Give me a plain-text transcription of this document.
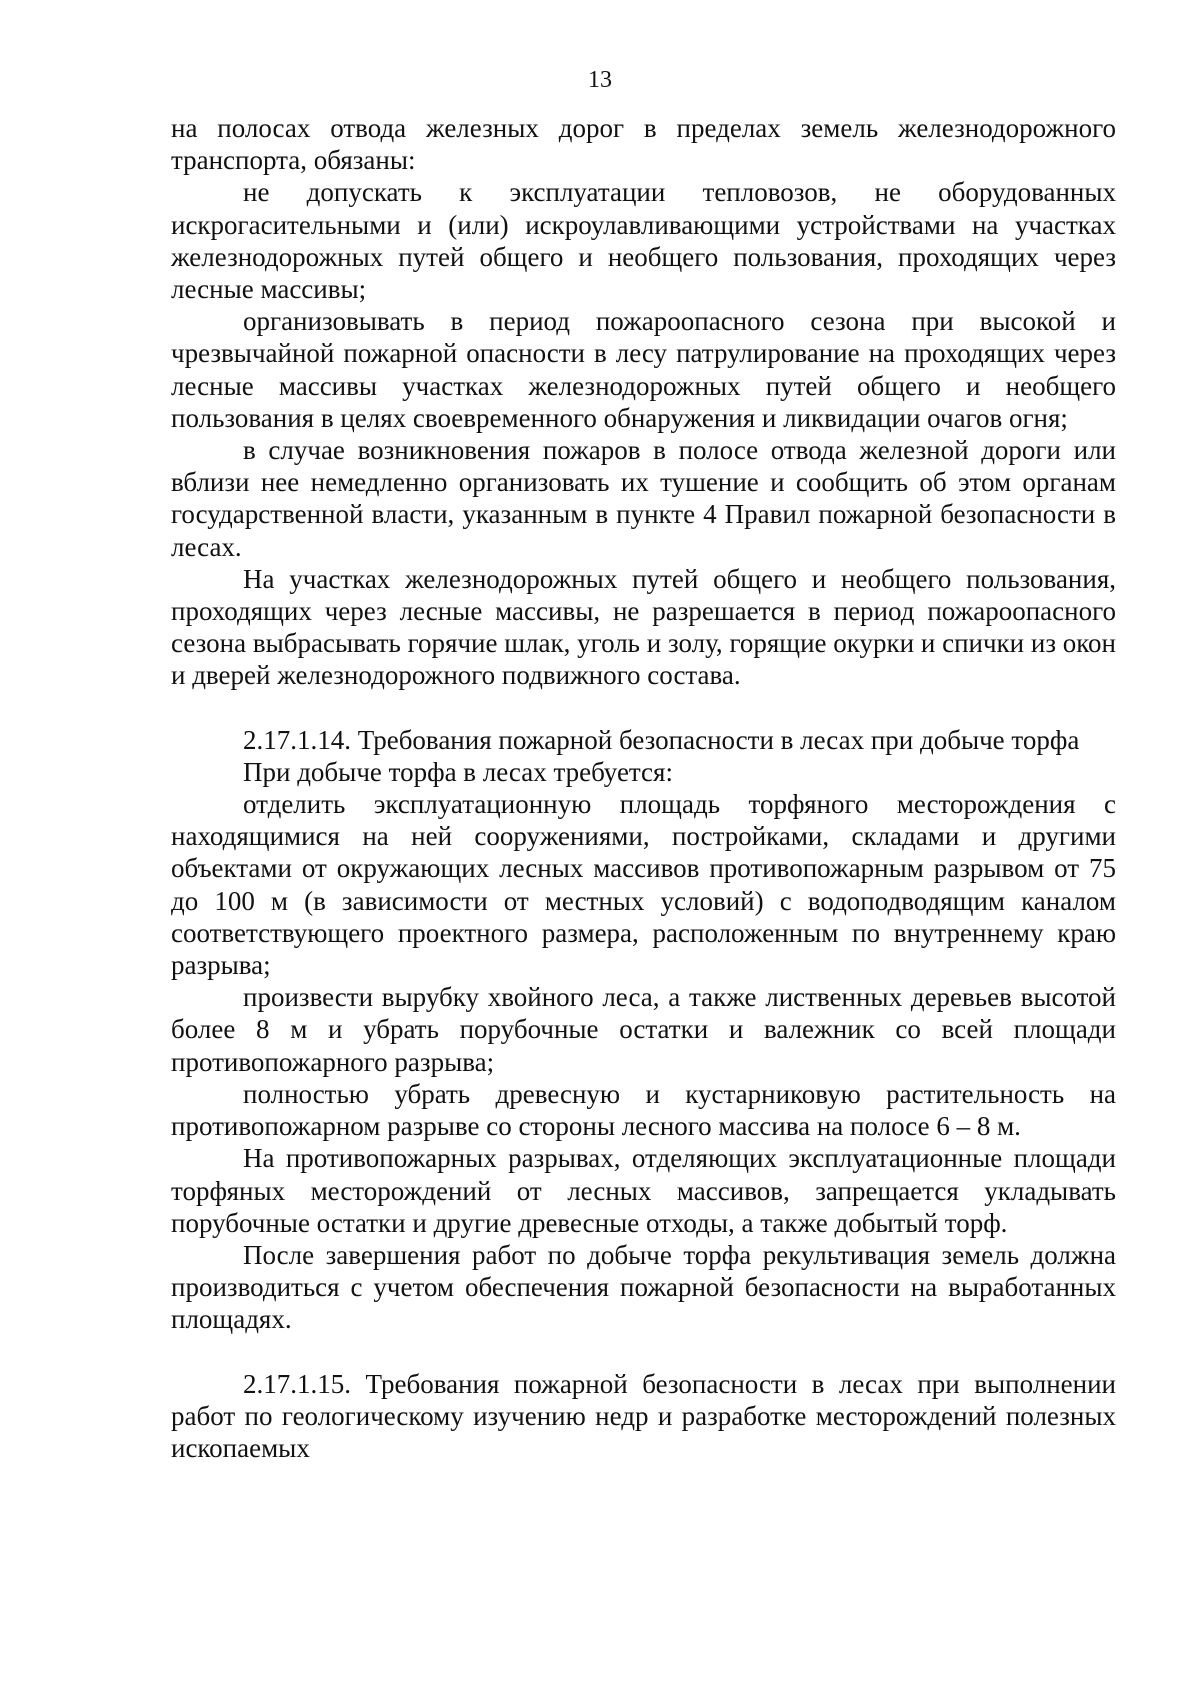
13

на полосах отвода железных дорог в пределах земель железнодорожного транспорта, обязаны:

не допускать к эксплуатации тепловозов, не оборудованных искрогасительными и (или) искроулавливающими устройствами на участках железнодорожных путей общего и необщего пользования, проходящих через лесные массивы;

организовывать в период пожароопасного сезона при высокой и чрезвычайной пожарной опасности в лесу патрулирование на проходящих через лесные массивы участках железнодорожных путей общего и необщего пользования в целях своевременного обнаружения и ликвидации очагов огня;

в случае возникновения пожаров в полосе отвода железной дороги или вблизи нее немедленно организовать их тушение и сообщить об этом органам государственной власти, указанным в пункте 4 Правил пожарной безопасности в лесах.

На участках железнодорожных путей общего и необщего пользования, проходящих через лесные массивы, не разрешается в период пожароопасного сезона выбрасывать горячие шлак, уголь и золу, горящие окурки и спички из окон и дверей железнодорожного подвижного состава.

2.17.1.14. Требования пожарной безопасности в лесах при добыче торфа

При добыче торфа в лесах требуется:

отделить эксплуатационную площадь торфяного месторождения с находящимися на ней сооружениями, постройками, складами и другими объектами от окружающих лесных массивов противопожарным разрывом от 75 до 100 м (в зависимости от местных условий) с водоподводящим каналом соответствующего проектного размера, расположенным по внутреннему краю разрыва;

произвести вырубку хвойного леса, а также лиственных деревьев высотой более 8 м и убрать порубочные остатки и валежник со всей площади противопожарного разрыва;

полностью убрать древесную и кустарниковую растительность на противопожарном разрыве со стороны лесного массива на полосе 6 – 8 м.

На противопожарных разрывах, отделяющих эксплуатационные площади торфяных месторождений от лесных массивов, запрещается укладывать порубочные остатки и другие древесные отходы, а также добытый торф.

После завершения работ по добыче торфа рекультивация земель должна производиться с учетом обеспечения пожарной безопасности на выработанных площадях.

2.17.1.15. Требования пожарной безопасности в лесах при выполнении работ по геологическому изучению недр и разработке месторождений полезных ископаемых
